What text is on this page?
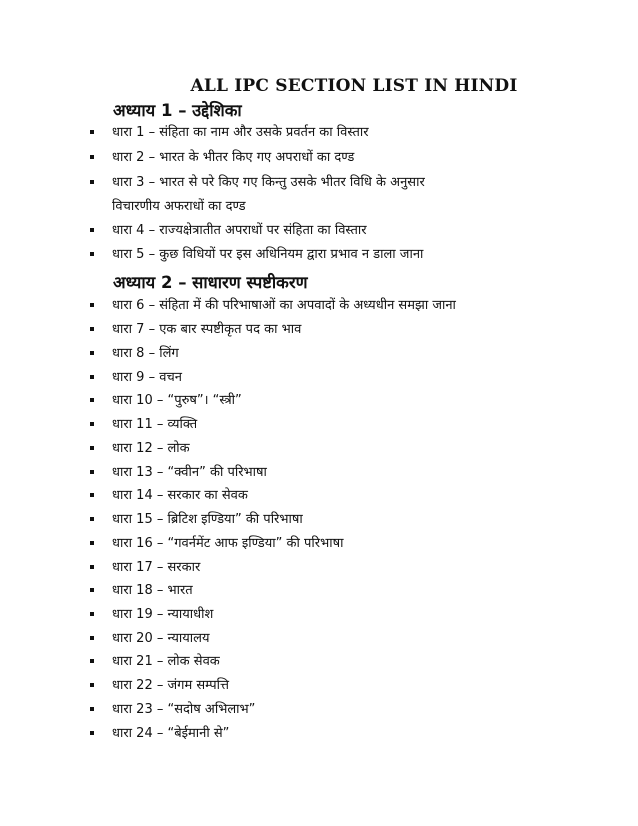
ALL IPC SECTION LIST IN HINDI
अध्याय 1 – उद्देशिका
धारा 1 – संहिता का नाम और उसके प्रवर्तन का विस्तार
धारा 2 – भारत के भीतर किए गए अपराधों का दण्ड
धारा 3 – भारत से परे किए गए किन्तु उसके भीतर विधि के अनुसार
विचारणीय अफराधों का दण्ड
धारा 4 – राज्यक्षेत्रातीत अपराधों पर संहिता का विस्तार
धारा 5 – कुछ विधियों पर इस अधिनियम द्वारा प्रभाव न डाला जाना
अध्याय 2 – साधारण स्पष्टीकरण
धारा 6 – संहिता में की परिभाषाओं का अपवादों के अध्यधीन समझा जाना
धारा 7 – एक बार स्पष्टीकृत पद का भाव
धारा 8 – लिंग
धारा 9 – वचन
धारा 10 – “पुरुष”। “स्त्री”
धारा 11 – व्यक्ति
धारा 12 – लोक
धारा 13 – “क्वीन” की परिभाषा
धारा 14 – सरकार का सेवक
धारा 15 – ब्रिटिश इण्डिया” की परिभाषा
धारा 16 – “गवर्नमेंट आफ इण्डिया” की परिभाषा
धारा 17 – सरकार
धारा 18 – भारत
धारा 19 – न्यायाधीश
धारा 20 – न्यायालय
धारा 21 – लोक सेवक
धारा 22 – जंगम सम्पत्ति
धारा 23 – “सदोष अभिलाभ”
धारा 24 – “बेईमानी से”
